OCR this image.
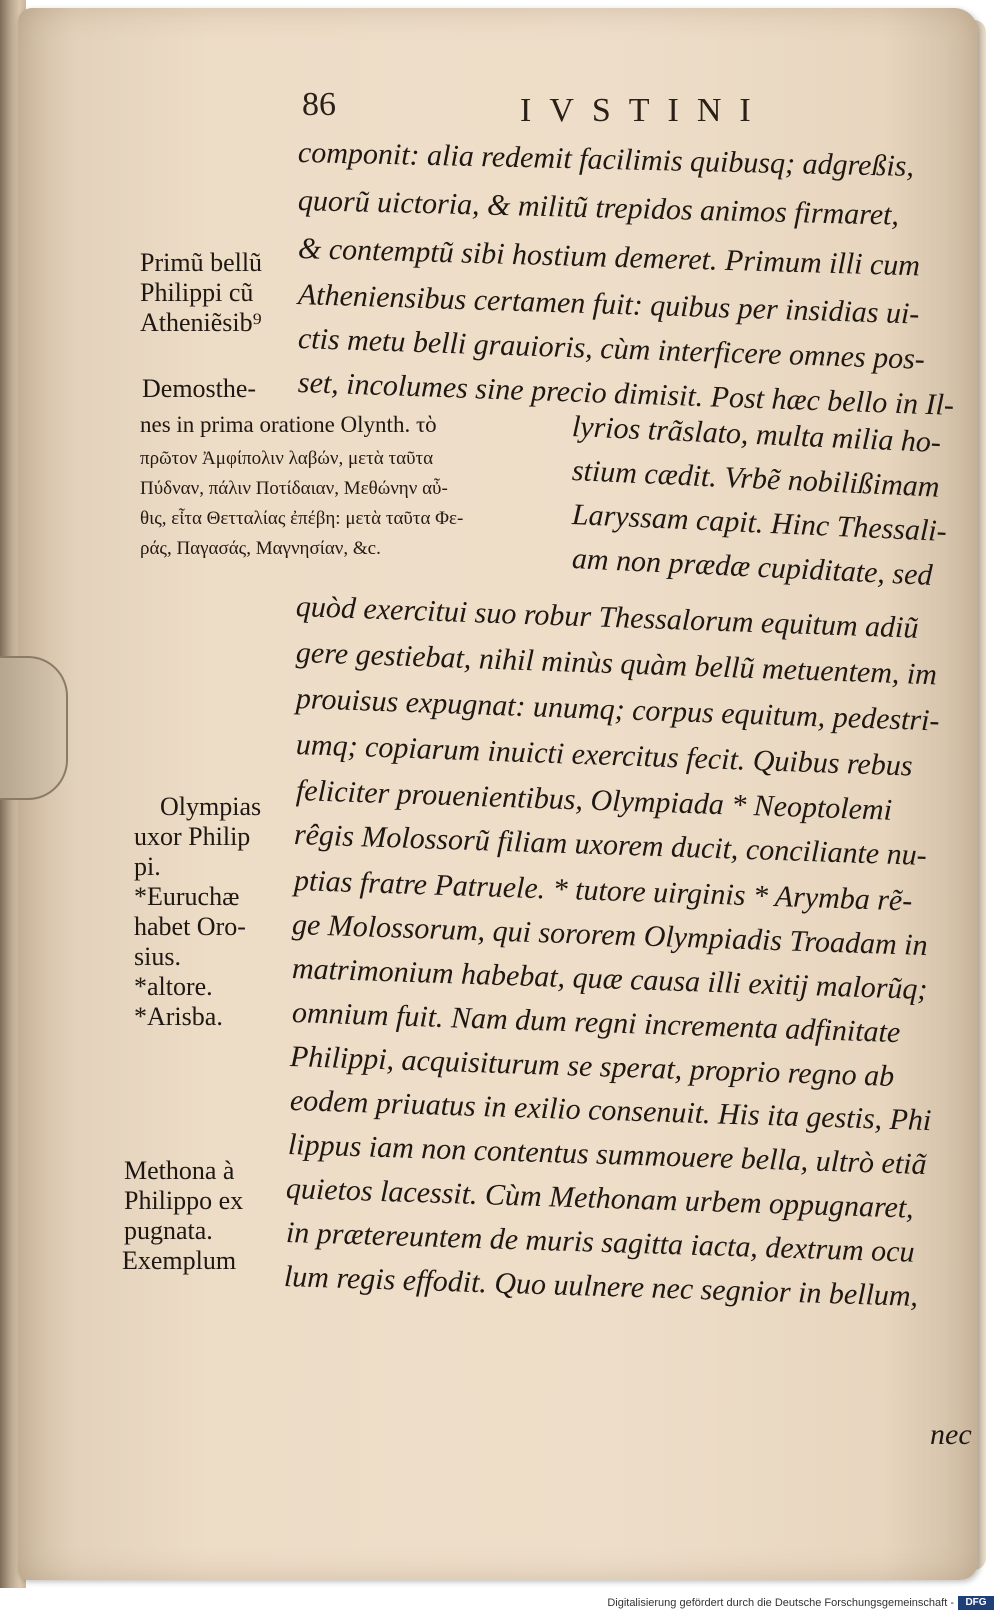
86	IVSTINI
componit: alia redemit facilimis quibusq; adgreßis,
quorũ uictoria, & militũ trepidos animos firmaret,
& contemptũ sibi hostium demeret. Primum illi cum
Atheniensibus certamen fuit: quibus per insidias ui-
ctis metu belli grauioris, cùm interficere omnes pos-
set, incolumes sine precio dimisit. Post hæc bello in Il-
lyrios trãslato, multa milia ho-
stium cædit. Vrbẽ nobilißimam
Laryssam capit. Hinc Thessali-
am non prædæ cupiditate, sed
quòd exercitui suo robur Thessalorum equitum adiũ
gere gestiebat, nihil minùs quàm bellũ metuentem, im
prouisus expugnat: unumq; corpus equitum, pedestri-
umq; copiarum inuicti exercitus fecit. Quibus rebus
feliciter prouenientibus, Olympiada * Neoptolemi
rêgis Molossorũ filiam uxorem ducit, conciliante nu-
ptias fratre Patruele. * tutore uirginis * Arymba rẽ-
ge Molossorum, qui sororem Olympiadis Troadam in
matrimonium habebat, quæ causa illi exitij malorũq;
omnium fuit. Nam dum regni incrementa adfinitate
Philippi, acquisiturum se sperat, proprio regno ab
eodem priuatus in exilio consenuit. His ita gestis, Phi
lippus iam non contentus summouere bella, ultrò etiã
quietos lacessit. Cùm Methonam urbem oppugnaret,
in prætereuntem de muris sagitta iacta, dextrum ocu
lum regis effodit. Quo uulnere nec segnior in bellum,
Primũ bellũ
Philippi cũ
Atheniẽsib⁹
Demosthe-
nes in prima oratione Olynth. τὸ
πρῶτον Ἀμφίπολιν λαβών, μετὰ ταῦτα
Πύδναν, πάλιν Ποτίδαιαν, Μεθώνην αὖ-
θις, εἶτα Θετταλίας ἐπέβη: μετὰ ταῦτα Φε-
ράς, Παγασάς, Μαγνησίαν, &c.
Olympias
uxor Philip
pi.
*Euruchæ
habet Oro-
sius.
*altore.
*Arisba.
Methona à
Philippo ex
pugnata.
Exemplum
nec
Digitalisierung gefördert durch die Deutsche Forschungsgemeinschaft -	DFG
